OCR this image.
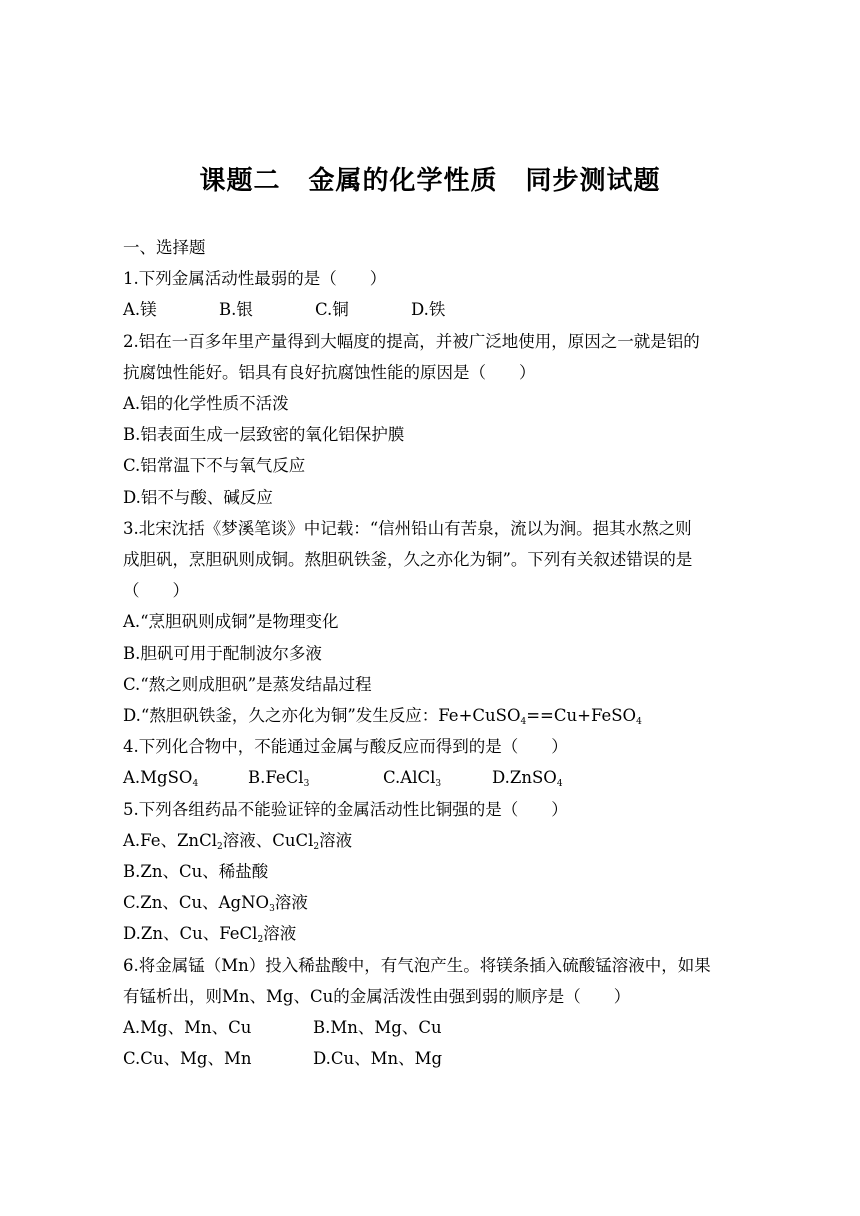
课题二 金属的化学性质 同步测试题
一、选择题
1.下列金属活动性最弱的是（　　）
A.镁	B.银	C.铜	D.铁
2.铝在一百多年里产量得到大幅度的提高，并被广泛地使用，原因之一就是铝的
抗腐蚀性能好。铝具有良好抗腐蚀性能的原因是（　　）
A.铝的化学性质不活泼
B.铝表面生成一层致密的氧化铝保护膜
C.铝常温下不与氧气反应
D.铝不与酸、碱反应
3.北宋沈括《梦溪笔谈》中记载：“信州铅山有苦泉，流以为涧。挹其水熬之则
成胆矾，烹胆矾则成铜。熬胆矾铁釜，久之亦化为铜”。下列有关叙述错误的是
（　　）
A.“烹胆矾则成铜”是物理变化
B.胆矾可用于配制波尔多液
C.“熬之则成胆矾”是蒸发结晶过程
D.“熬胆矾铁釜，久之亦化为铜”发生反应：Fe+CuSO$_4$==Cu+FeSO$_4$
4.下列化合物中，不能通过金属与酸反应而得到的是（　　）
A.MgSO$_4$	B.FeCl$_3$	C.AlCl$_3$	D.ZnSO$_4$
5.下列各组药品不能验证锌的金属活动性比铜强的是（　　）
A.Fe、ZnCl$_2$溶液、CuCl$_2$溶液
B.Zn、Cu、稀盐酸
C.Zn、Cu、AgNO$_3$溶液
D.Zn、Cu、FeCl$_2$溶液
6.将金属锰（Mn）投入稀盐酸中，有气泡产生。将镁条插入硫酸锰溶液中，如果
有锰析出，则Mn、Mg、Cu的金属活泼性由强到弱的顺序是（　　）
A.Mg、Mn、Cu	B.Mn、Mg、Cu
C.Cu、Mg、Mn	D.Cu、Mn、Mg
